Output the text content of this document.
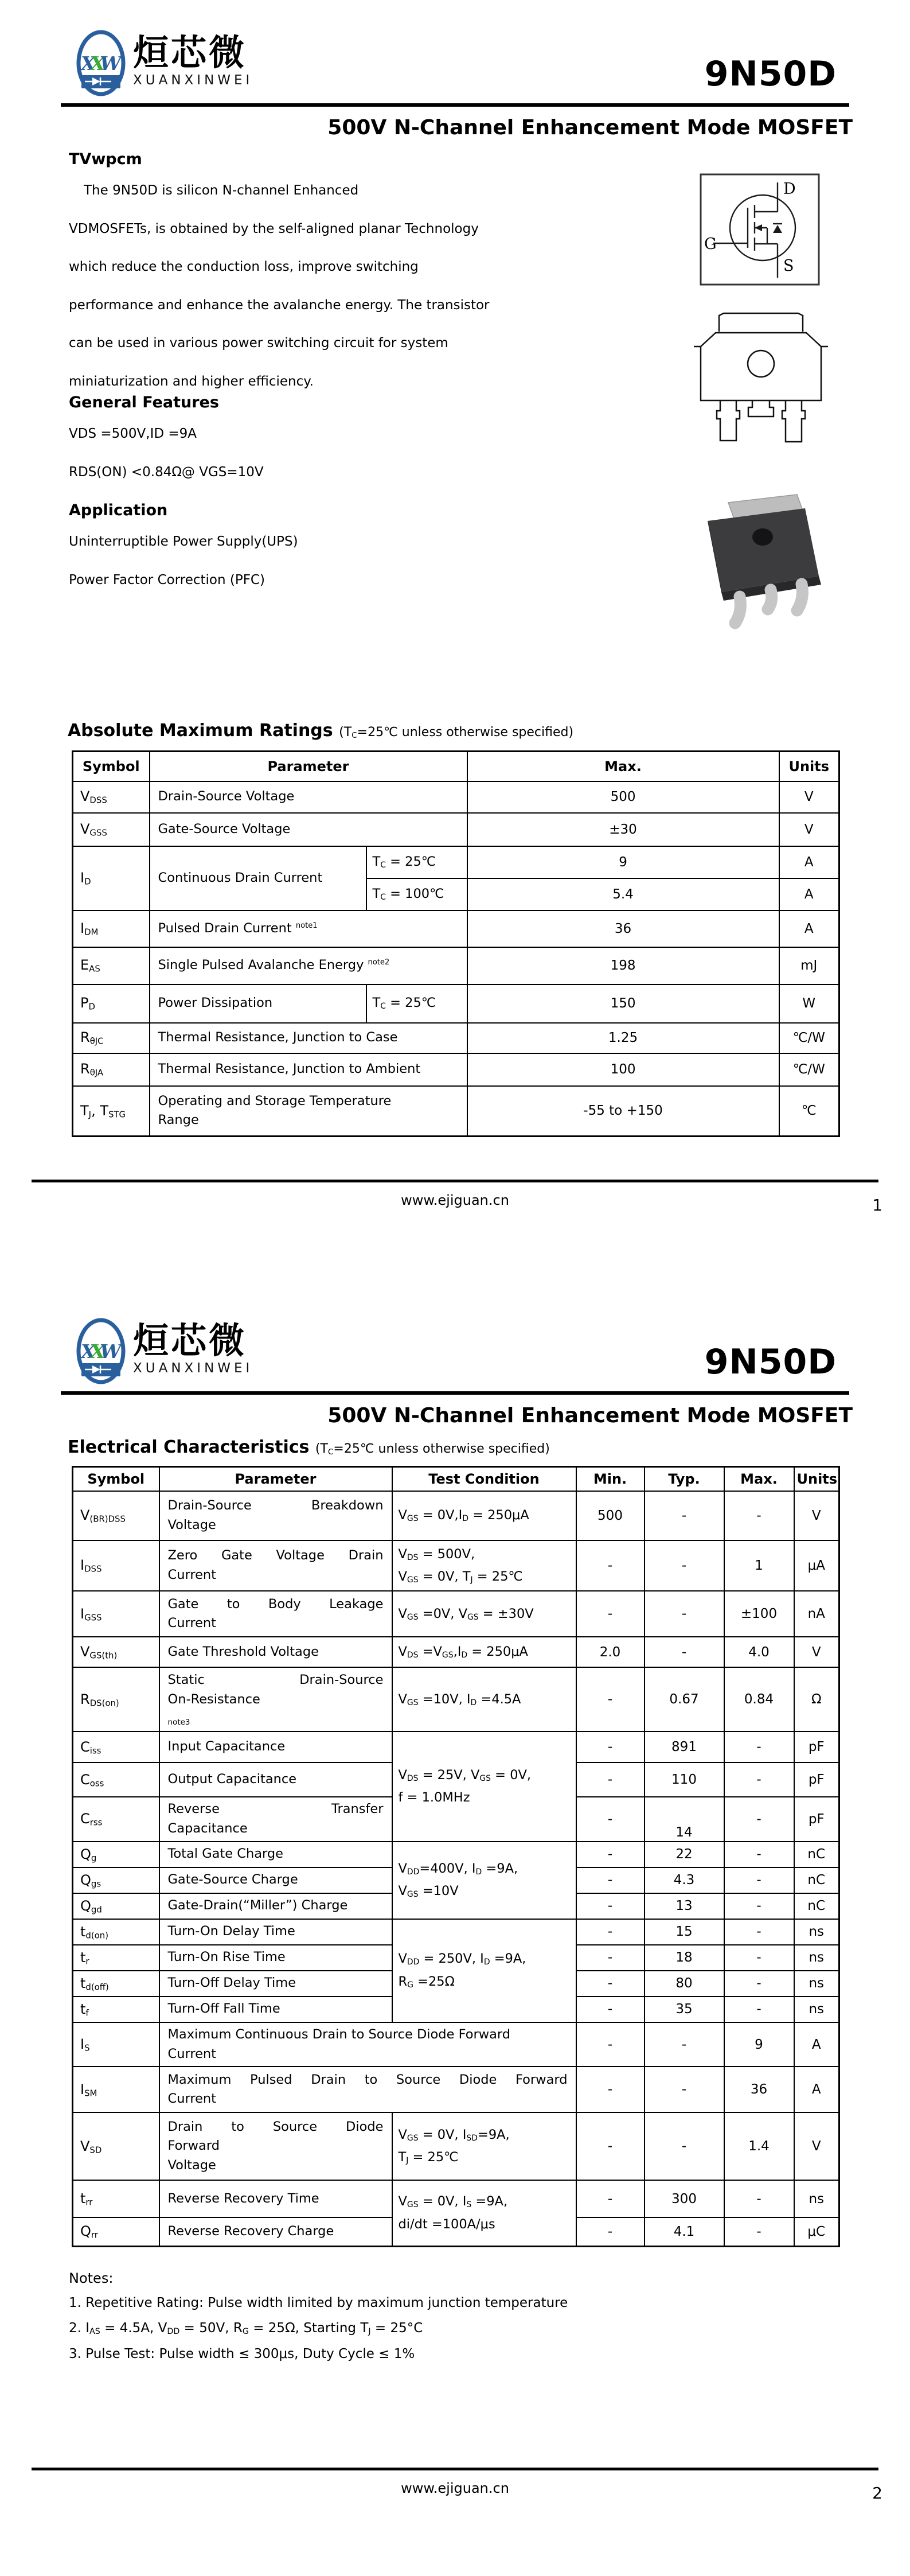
XXW 烜芯微
XUANXINWEI	9N50D
500V N-Channel Enhancement Mode MOSFET
TVwpcm

The 9N50D is silicon N-channel Enhanced

VDMOSFETs, is obtained by the self-aligned planar Technology

which reduce the conduction loss, improve switching

performance and enhance the avalanche energy. The transistor

can be used in various power switching circuit for system

miniaturization and higher efficiency.

General Features

VDS =500V,ID =9A

RDS(ON) <0.84Ω@ VGS=10V

Application

Uninterruptible Power Supply(UPS)

Power Factor Correction (PFC)

D
G
S
Absolute Maximum Ratings (TC=25℃ unless otherwise specified)
Symbol	Parameter		Max.	Units
VDSS	Drain-Source Voltage		500	V
VGSS	Gate-Source Voltage		±30	V
ID	Continuous Drain Current	TC = 25℃	9	A
		TC = 100℃	5.4	A
IDM	Pulsed Drain Current $^{note1}$		36	A
EAS	Single Pulsed Avalanche Energy $^{note2}$		198	mJ
PD	Power Dissipation	TC = 25℃	150	W
RθJC	Thermal Resistance, Junction to Case		1.25	℃/W
RθJA	Thermal Resistance, Junction to Ambient		100	℃/W
TJ, TSTG	Operating and Storage Temperature
Range		-55 to +150	℃
www.ejiguan.cn	1
XXW 烜芯微
XUANXINWEI	9N50D
500V N-Channel Enhancement Mode MOSFET
Electrical Characteristics (TC=25℃ unless otherwise specified)
Symbol	Parameter	Test Condition	Min.	Typ.	Max.	Units
V(BR)DSS	Drain-Source Breakdown
Voltage	VGS = 0V,ID = 250μA	500	-	-	V
IDSS	Zero Gate Voltage Drain
Current	VDS = 500V,
VGS = 0V, TJ = 25℃	-	-	1	μA
IGSS	Gate to Body Leakage
Current	VGS =0V, VGS = ±30V	-	-	±100	nA
VGS(th)	Gate Threshold Voltage	VDS =VGS,ID = 250μA	2.0	-	4.0	V
RDS(on)	Static Drain-Source
On-Resistance
note3	VGS =10V, ID =4.5A	-	0.67	0.84	Ω
Ciss	Input Capacitance	VDS = 25V, VGS = 0V,
f = 1.0MHz	-	891	-	pF
Coss	Output Capacitance		-	110	-	pF
Crss	Reverse Transfer
Capacitance		-	14	-	pF
Qg	Total Gate Charge	VDD=400V, ID =9A,
VGS =10V	-	22	-	nC
Qgs	Gate-Source Charge		-	4.3	-	nC
Qgd	Gate-Drain(“Miller”) Charge		-	13	-	nC
td(on)	Turn-On Delay Time	VDD = 250V, ID =9A,
RG =25Ω	-	15	-	ns
tr	Turn-On Rise Time		-	18	-	ns
td(off)	Turn-Off Delay Time		-	80	-	ns
tf	Turn-Off Fall Time		-	35	-	ns
IS	Maximum Continuous Drain to Source Diode Forward
Current		-	-	9	A
ISM	Maximum Pulsed Drain to Source Diode Forward
Current		-	-	36	A
VSD	Drain to Source Diode
Forward
Voltage	VGS = 0V, ISD=9A,
TJ = 25℃	-	-	1.4	V
trr	Reverse Recovery Time	VGS = 0V, IS =9A,
di/dt =100A/μs	-	300	-	ns
Qrr	Reverse Recovery Charge		-	4.1	-	μC

Notes:

1. Repetitive Rating: Pulse width limited by maximum junction temperature

2. IAS = 4.5A, VDD = 50V, RG = 25Ω, Starting TJ = 25°C

3. Pulse Test: Pulse width ≤ 300μs, Duty Cycle ≤ 1%

www.ejiguan.cn	2
